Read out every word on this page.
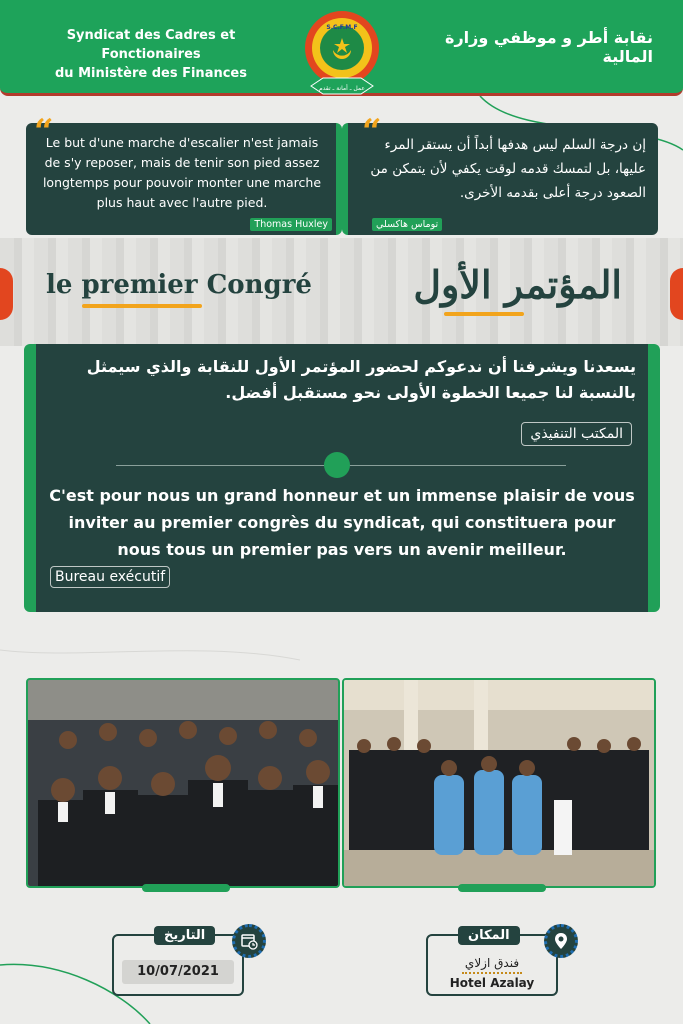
Syndicat des Cadres et Fonctionaires
du Ministère des Finances
نقابة أطر و موظفي وزارة المالية
S.C.F.M.F
عمل ـ أمانة ـ تقدم
“
Le but d'une marche d'escalier n'est jamais de s'y reposer, mais de tenir son pied assez longtemps pour pouvoir monter une marche plus haut avec l'autre pied.
Thomas Huxley
“ إن درجة السلم ليس هدفها أبداً أن يستقر المرء عليها، بل لتمسك قدمه لوقت يكفي لأن يتمكن من الصعود درجة أعلى بقدمه الأخرى.
توماس هاكسلي
le premier Congré	المؤتمر الأول
يسعدنا ويشرفنا أن ندعوكم لحضور المؤتمر الأول للنقابة والذي سيمثل بالنسبة لنا جميعا الخطوة الأولى نحو مستقبل أفضل.
المكتب التنفيذي
C'est pour nous un grand honneur et un immense plaisir de vous inviter au premier congrès du syndicat, qui constituera pour nous tous un premier pas vers un avenir meilleur.
Bureau exécutif
التاريخ
10/07/2021
المكان
فندق ازلاي
Hotel Azalay
